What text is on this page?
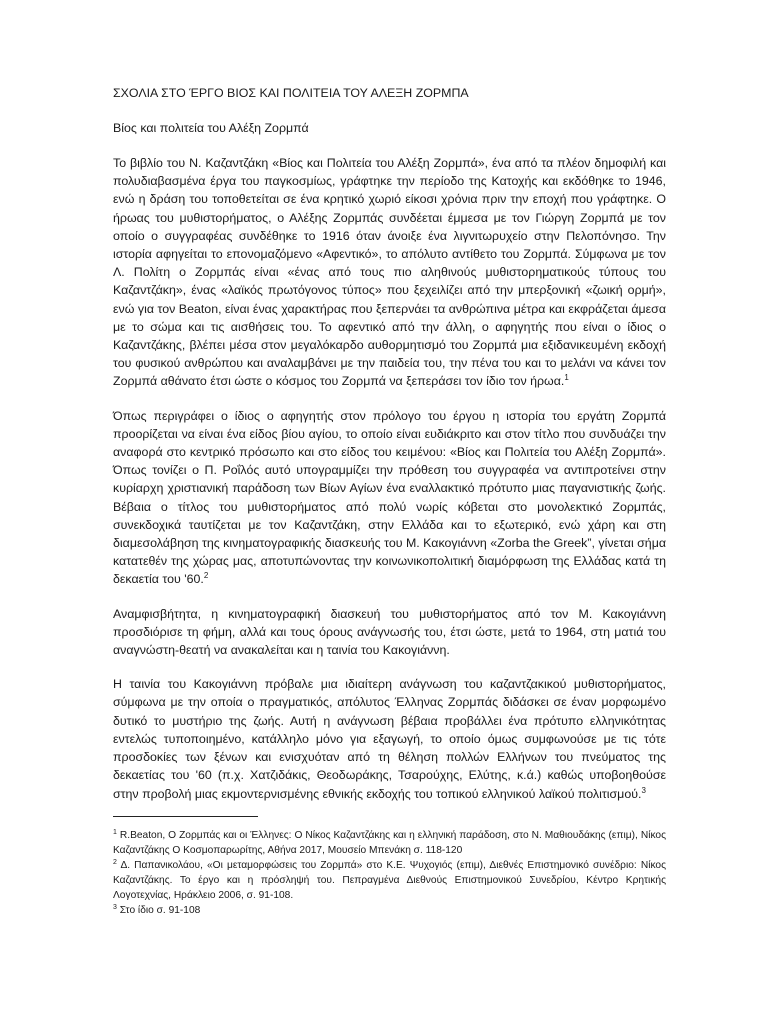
ΣΧΟΛΙΑ ΣΤΟ ΈΡΓΟ ΒΙΟΣ ΚΑΙ ΠΟΛΙΤΕΙΑ ΤΟΥ ΑΛΕΞΗ ΖΟΡΜΠΑ
Βίος και πολιτεία του Αλέξη Ζορμπά

Το βιβλίο του Ν. Καζαντζάκη «Βίος και Πολιτεία του Αλέξη Ζορμπά», ένα από τα πλέον δημοφιλή και πολυδιαβασμένα έργα του παγκοσμίως, γράφτηκε την περίοδο της Κατοχής και εκδόθηκε το 1946, ενώ η δράση του τοποθετείται σε ένα κρητικό χωριό είκοσι χρόνια πριν την εποχή που γράφτηκε. Ο ήρωας του μυθιστορήματος, ο Αλέξης Ζορμπάς συνδέεται έμμεσα με τον Γιώργη Ζορμπά με τον οποίο ο συγγραφέας συνδέθηκε το 1916 όταν άνοιξε ένα λιγνιτωρυχείο στην Πελοπόνησο. Την ιστορία αφηγείται το επονομαζόμενο «Αφεντικό», το απόλυτο αντίθετο του Ζορμπά. Σύμφωνα με τον Λ. Πολίτη ο Ζορμπάς είναι «ένας από τους πιο αληθινούς μυθιστορηματικούς τύπους του Καζαντζάκη», ένας «λαϊκός πρωτόγονος τύπος» που ξεχειλίζει από την μπερξονική «ζωική ορμή», ενώ για τον Beaton, είναι ένας χαρακτήρας που ξεπερνάει τα ανθρώπινα μέτρα και εκφράζεται άμεσα με το σώμα και τις αισθήσεις του. Το αφεντικό από την άλλη, ο αφηγητής που είναι ο ίδιος ο Καζαντζάκης, βλέπει μέσα στον μεγαλόκαρδο αυθορμητισμό του Ζορμπά μια εξιδανικευμένη εκδοχή του φυσικού ανθρώπου και αναλαμβάνει με την παιδεία του, την πένα του και το μελάνι να κάνει τον Ζορμπά αθάνατο έτσι ώστε ο κόσμος του Ζορμπά να ξεπεράσει τον ίδιο τον ήρωα.$^1$

Όπως περιγράφει ο ίδιος ο αφηγητής στον πρόλογο του έργου η ιστορία του εργάτη Ζορμπά προορίζεται να είναι ένα είδος βίου αγίου, το οποίο είναι ευδιάκριτο και στον τίτλο που συνδυάζει την αναφορά στο κεντρικό πρόσωπο και στο είδος του κειμένου: «Βίος και Πολιτεία του Αλέξη Ζορμπά». Όπως τονίζει ο Π. Ροΐλός αυτό υπογραμμίζει την πρόθεση του συγγραφέα να αντιπροτείνει στην κυρίαρχη χριστιανική παράδοση των Βίων Αγίων ένα εναλλακτικό πρότυπο μιας παγανιστικής ζωής. Βέβαια ο τίτλος του μυθιστορήματος από πολύ νωρίς κόβεται στο μονολεκτικό Ζορμπάς, συνεκδοχικά ταυτίζεται με τον Καζαντζάκη, στην Ελλάδα και το εξωτερικό, ενώ χάρη και στη διαμεσολάβηση της κινηματογραφικής διασκευής του Μ. Κακογιάννη «Zorba the Greek”, γίνεται σήμα κατατεθέν της χώρας μας, αποτυπώνοντας την κοινωνικοπολιτική διαμόρφωση της Ελλάδας κατά τη δεκαετία του '60.$^2$

Αναμφισβήτητα, η κινηματογραφική διασκευή του μυθιστορήματος από τον Μ. Κακογιάννη προσδιόρισε τη φήμη, αλλά και τους όρους ανάγνωσής του, έτσι ώστε, μετά το 1964, στη ματιά του αναγνώστη-θεατή να ανακαλείται και η ταινία του Κακογιάννη.

Η ταινία του Κακογιάννη πρόβαλε μια ιδιαίτερη ανάγνωση του καζαντζακικού μυθιστορήματος, σύμφωνα με την οποία ο πραγματικός, απόλυτος Έλληνας Ζορμπάς διδάσκει σε έναν μορφωμένο δυτικό το μυστήριο της ζωής. Αυτή η ανάγνωση βέβαια προβάλλει ένα πρότυπο ελληνικότητας εντελώς τυποποιημένο, κατάλληλο μόνο για εξαγωγή, το οποίο όμως συμφωνούσε με τις τότε προσδοκίες των ξένων και ενισχυόταν από τη θέληση πολλών Ελλήνων του πνεύματος της δεκαετίας του '60 (π.χ. Χατζιδάκις, Θεοδωράκης, Τσαρούχης, Ελύτης, κ.ά.) καθώς υποβοηθούσε στην προβολή μιας εκμοντερνισμένης εθνικής εκδοχής του τοπικού ελληνικού λαϊκού πολιτισμού.$^3$

$^1$ R.Beaton, Ο Ζορμπάς και οι Έλληνες: Ο Νίκος Καζαντζάκης και η ελληνική παράδοση, στο Ν. Μαθιουδάκης (επιμ), Νίκος Καζαντζάκης Ο Κοσμοπαρωρίτης, Αθήνα 2017, Μουσείο Μπενάκη σ. 118-120

$^2$ Δ. Παπανικολάου, «Οι μεταμορφώσεις του Ζορμπά» στο Κ.Ε. Ψυχογιός (επιμ), Διεθνές Επιστημονικό συνέδριο: Νίκος Καζαντζάκης. Το έργο και η πρόσληψή του. Πεπραγμένα Διεθνούς Επιστημονικού Συνεδρίου, Κέντρο Κρητικής Λογοτεχνίας, Ηράκλειο 2006, σ. 91-108.

$^3$ Στο ίδιο σ. 91-108
